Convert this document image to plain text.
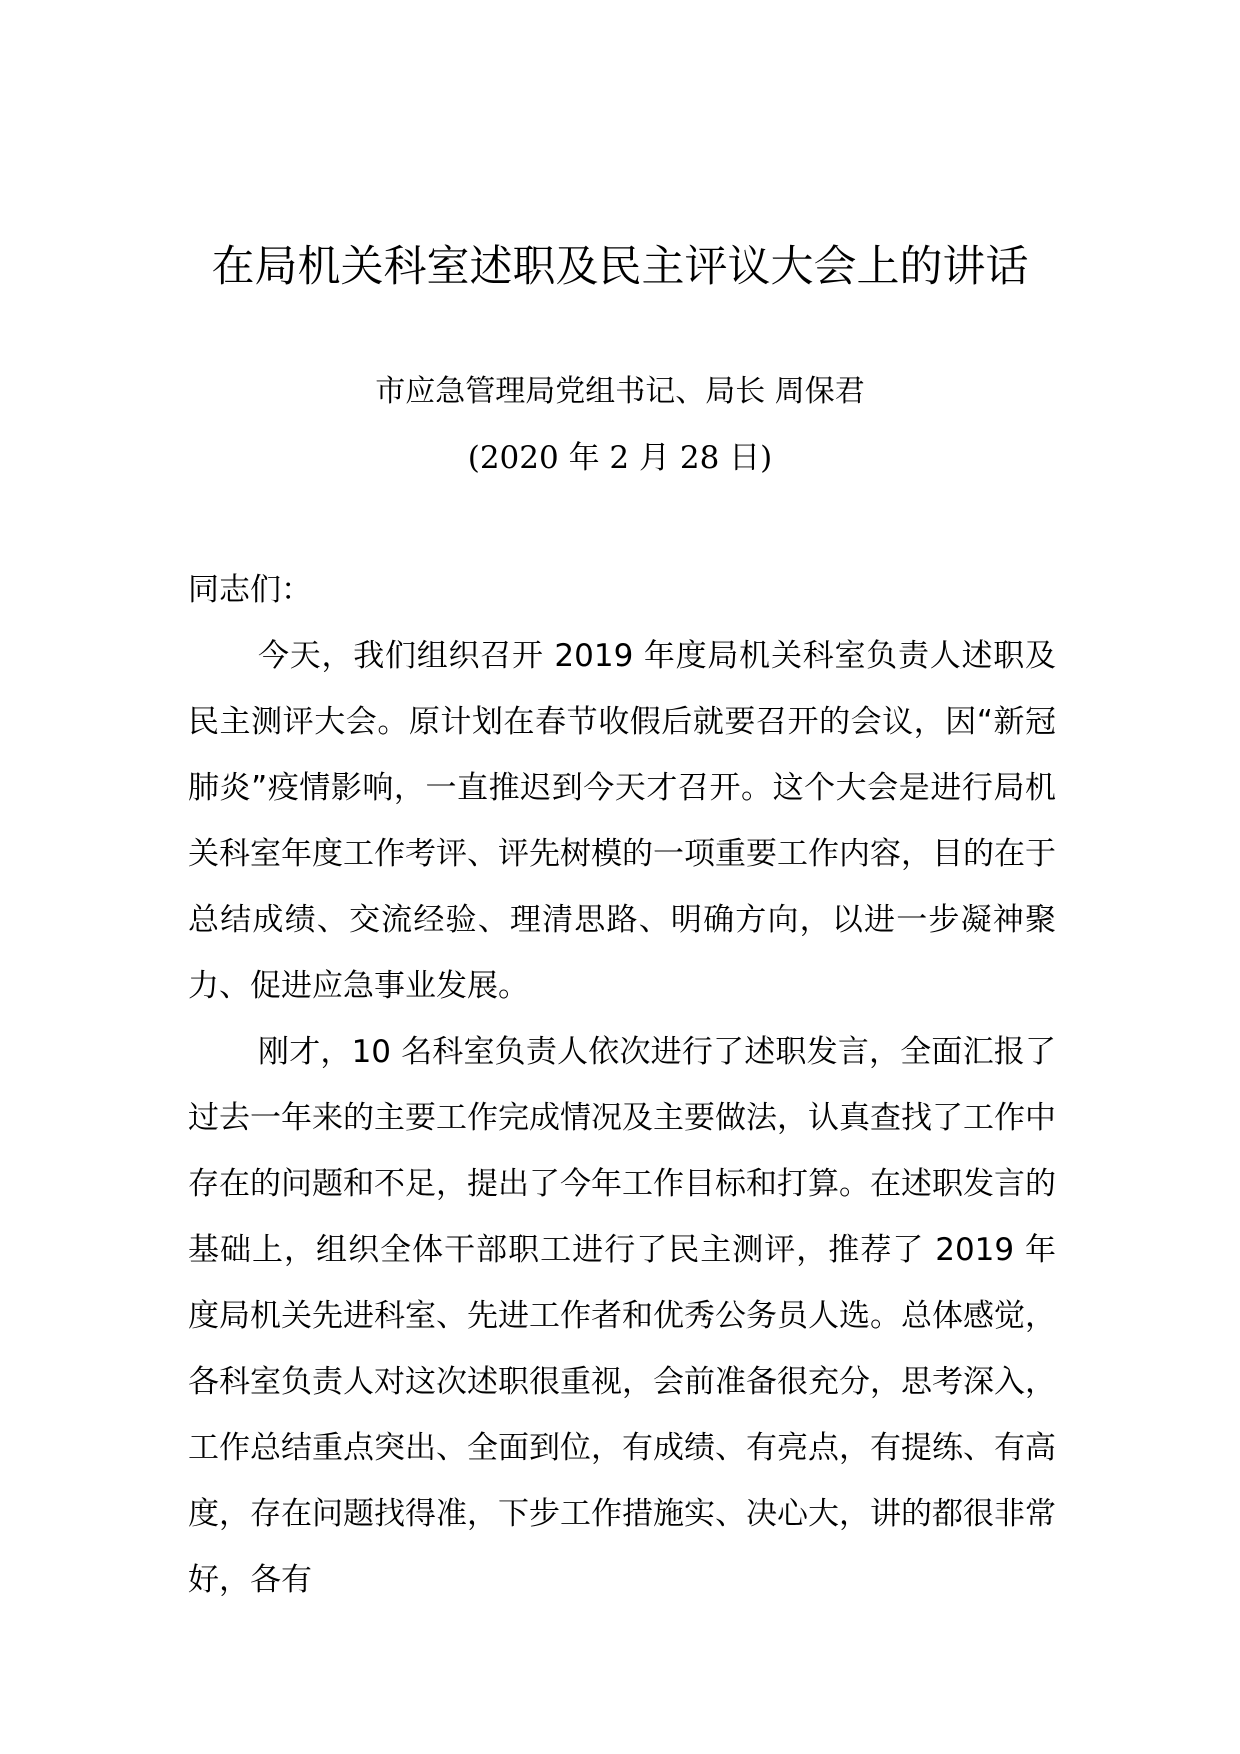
在局机关科室述职及民主评议大会上的讲话

市应急管理局党组书记、局长 周保君

(2020 年 2 月 28 日)

同志们：

今天，我们组织召开 2019 年度局机关科室负责人述职及民主测评大会。原计划在春节收假后就要召开的会议，因“新冠肺炎”疫情影响，一直推迟到今天才召开。这个大会是进行局机关科室年度工作考评、评先树模的一项重要工作内容，目的在于总结成绩、交流经验、理清思路、明确方向，以进一步凝神聚力、促进应急事业发展。

刚才，10 名科室负责人依次进行了述职发言，全面汇报了过去一年来的主要工作完成情况及主要做法，认真查找了工作中存在的问题和不足，提出了今年工作目标和打算。在述职发言的基础上，组织全体干部职工进行了民主测评，推荐了 2019 年度局机关先进科室、先进工作者和优秀公务员人选。总体感觉，各科室负责人对这次述职很重视，会前准备很充分，思考深入，工作总结重点突出、全面到位，有成绩、有亮点，有提练、有高度，存在问题找得准，下步工作措施实、决心大，讲的都很非常好，各有
